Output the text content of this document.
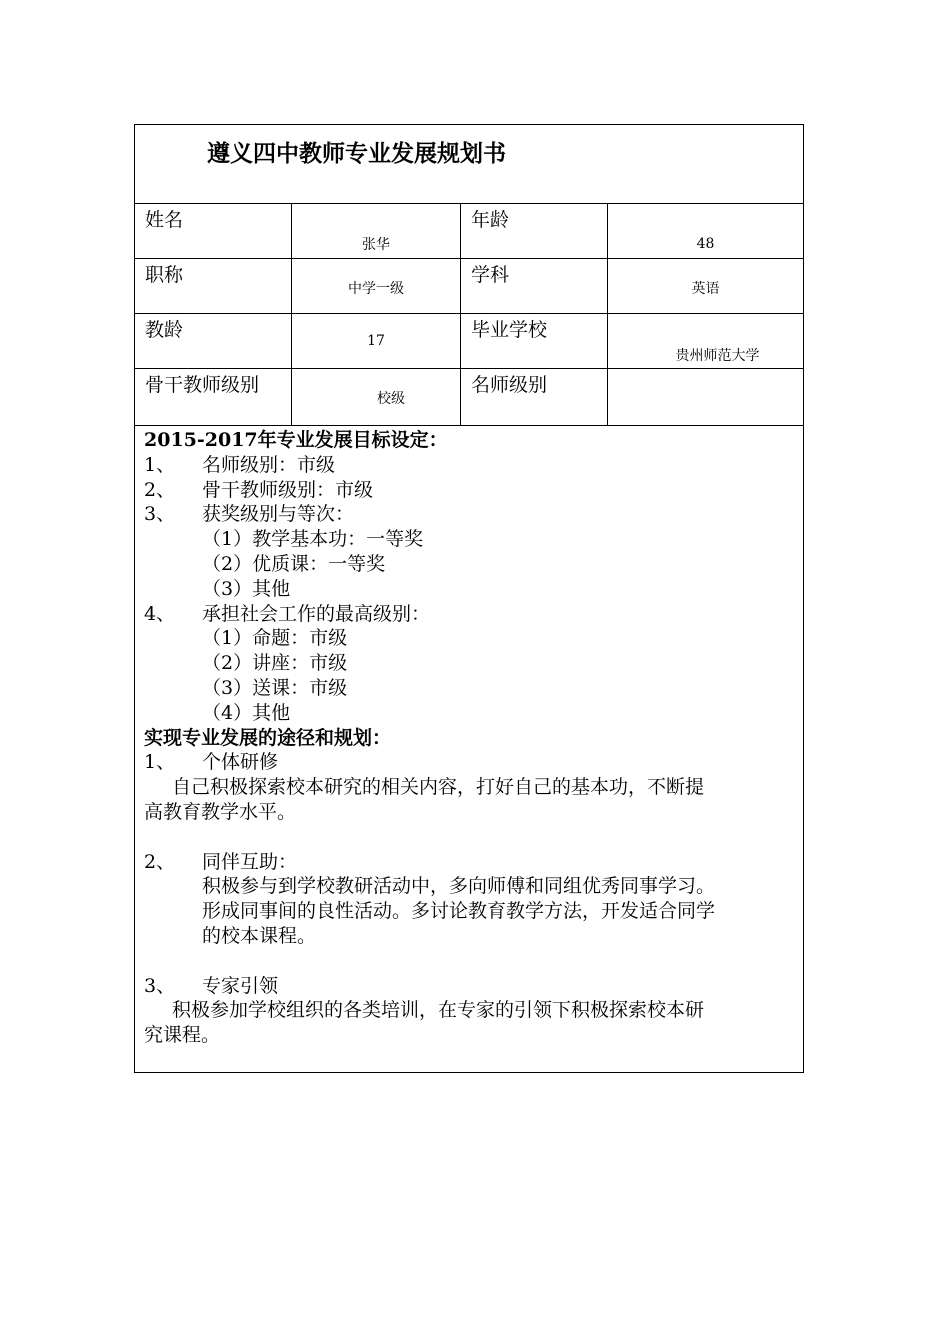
遵义四中教师专业发展规划书
姓名
张华
年龄
48
职称
中学一级
学科
英语
教龄	17	毕业学校
贵州师范大学
骨干教师级别
校级
名师级别
2015-2017年专业发展目标设定：
1、 名师级别：市级
2、 骨干教师级别：市级
3、 获奖级别与等次：
（1）教学基本功：一等奖
（2）优质课：一等奖
（3）其他
4、 承担社会工作的最高级别：
（1）命题：市级
（2）讲座：市级
（3）送课：市级
（4）其他
实现专业发展的途径和规划：
1、 个体研修
自己积极探索校本研究的相关内容，打好自己的基本功，不断提
高教育教学水平。
2、 同伴互助：
积极参与到学校教研活动中，多向师傅和同组优秀同事学习。
形成同事间的良性活动。多讨论教育教学方法，开发适合同学
的校本课程。
3、 专家引领
积极参加学校组织的各类培训，在专家的引领下积极探索校本研
究课程。
